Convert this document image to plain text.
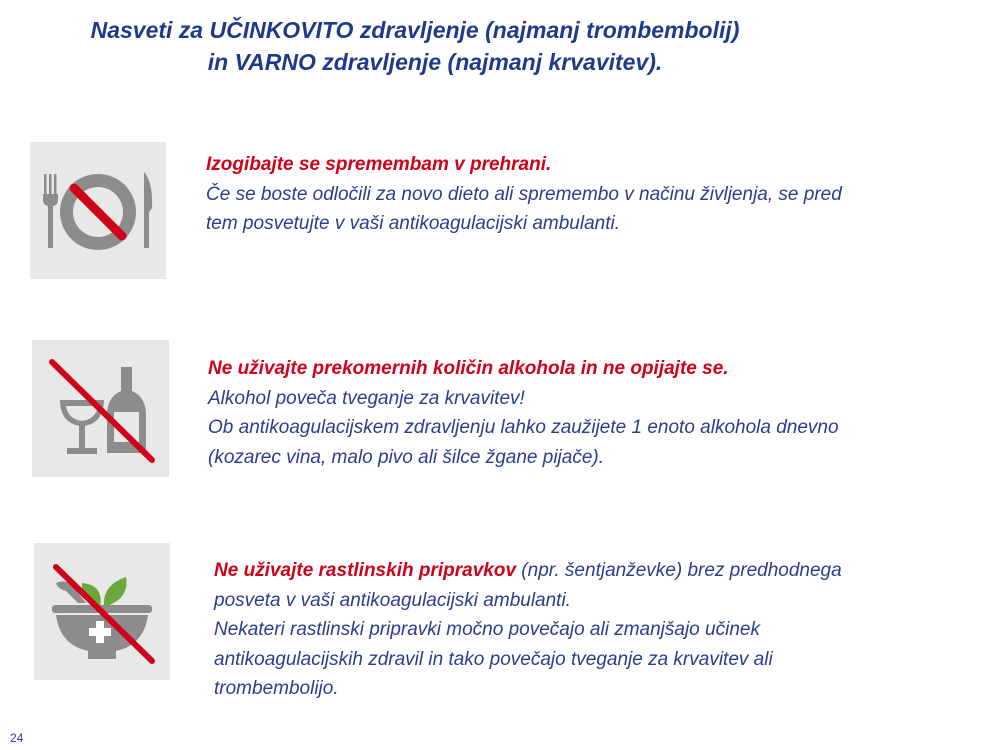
Nasveti za UČINKOVITO zdravljenje (najmanj trombembolij)
in VARNO zdravljenje (najmanj krvavitev).

Izogibajte se spremembam v prehrani.

Če se boste odločili za novo dieto ali spremembo v načinu življenja, se pred

tem posvetujte v vaši antikoagulacijski ambulanti.

Ne uživajte prekomernih količin alkohola in ne opijajte se.

Alkohol poveča tveganje za krvavitev!

Ob antikoagulacijskem zdravljenju lahko zaužijete 1 enoto alkohola dnevno

(kozarec vina, malo pivo ali šilce žgane pijače).

Ne uživajte rastlinskih pripravkov (npr. šentjanževke) brez predhodnega

posveta v vaši antikoagulacijski ambulanti.

Nekateri rastlinski pripravki močno povečajo ali zmanjšajo učinek

antikoagulacijskih zdravil in tako povečajo tveganje za krvavitev ali

trombembolijo.

24
